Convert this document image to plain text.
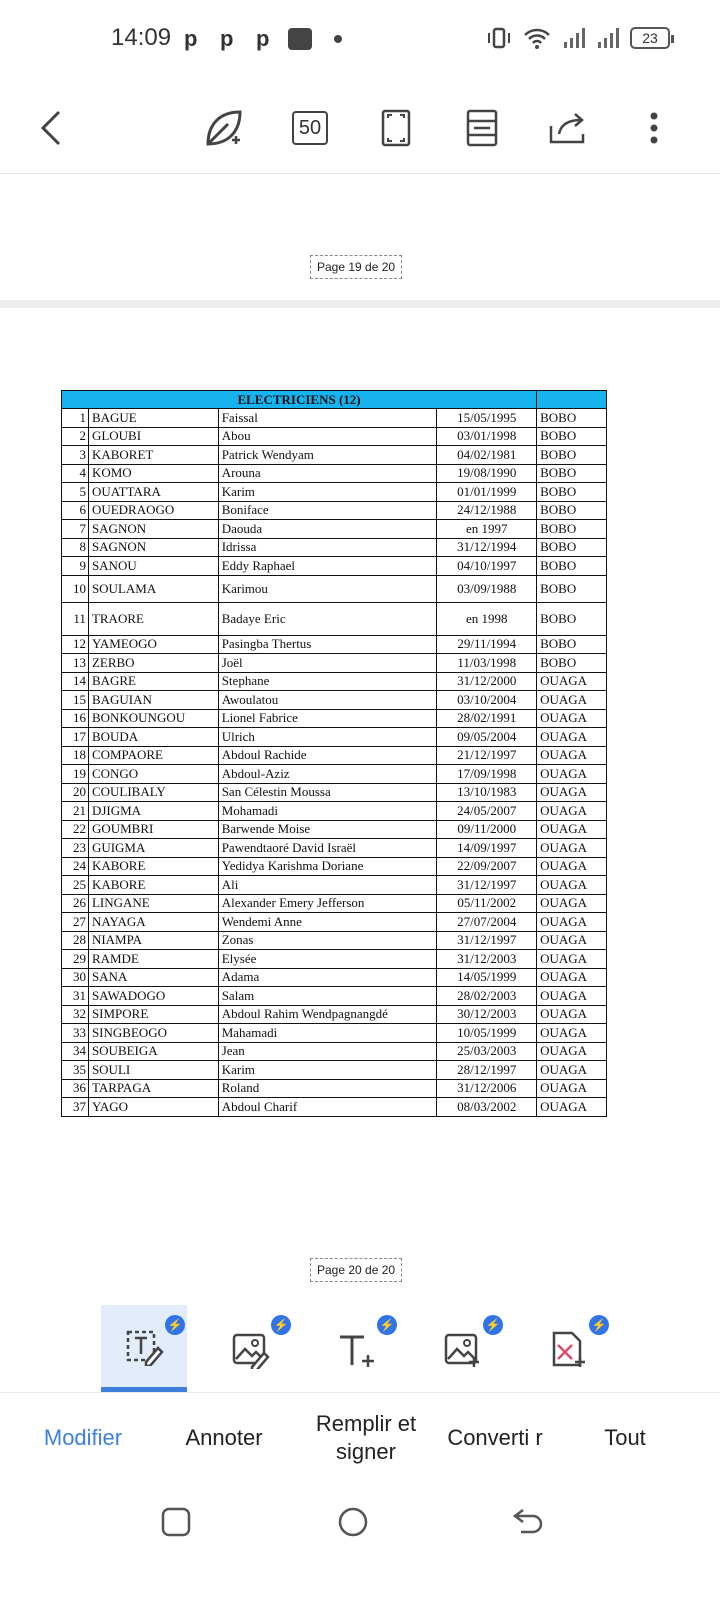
14:09 p p p	23
50
Page 19 de 20
ELECTRICIENS (12)				
1	BAGUE	Faissal	15/05/1995	BOBO
2	GLOUBI	Abou	03/01/1998	BOBO
3	KABORET	Patrick Wendyam	04/02/1981	BOBO
4	KOMO	Arouna	19/08/1990	BOBO
5	OUATTARA	Karim	01/01/1999	BOBO
6	OUEDRAOGO	Boniface	24/12/1988	BOBO
7	SAGNON	Daouda	en 1997	BOBO
8	SAGNON	Idrissa	31/12/1994	BOBO
9	SANOU	Eddy Raphael	04/10/1997	BOBO
10	SOULAMA	Karimou	03/09/1988	BOBO
11	TRAORE	Badaye Eric	en 1998	BOBO
12	YAMEOGO	Pasingba Thertus	29/11/1994	BOBO
13	ZERBO	Joël	11/03/1998	BOBO
14	BAGRE	Stephane	31/12/2000	OUAGA
15	BAGUIAN	Awoulatou	03/10/2004	OUAGA
16	BONKOUNGOU	Lionel Fabrice	28/02/1991	OUAGA
17	BOUDA	Ulrich	09/05/2004	OUAGA
18	COMPAORE	Abdoul Rachide	21/12/1997	OUAGA
19	CONGO	Abdoul-Aziz	17/09/1998	OUAGA
20	COULIBALY	San Célestin Moussa	13/10/1983	OUAGA
21	DJIGMA	Mohamadi	24/05/2007	OUAGA
22	GOUMBRI	Barwende Moise	09/11/2000	OUAGA
23	GUIGMA	Pawendtaoré David Israël	14/09/1997	OUAGA
24	KABORE	Yedidya Karishma Doriane	22/09/2007	OUAGA
25	KABORE	Ali	31/12/1997	OUAGA
26	LINGANE	Alexander Emery Jefferson	05/11/2002	OUAGA
27	NAYAGA	Wendemi Anne	27/07/2004	OUAGA
28	NIAMPA	Zonas	31/12/1997	OUAGA
29	RAMDE	Elysée	31/12/2003	OUAGA
30	SANA	Adama	14/05/1999	OUAGA
31	SAWADOGO	Salam	28/02/2003	OUAGA
32	SIMPORE	Abdoul Rahim Wendpagnangdé	30/12/2003	OUAGA
33	SINGBEOGO	Mahamadi	10/05/1999	OUAGA
34	SOUBEIGA	Jean	25/03/2003	OUAGA
35	SOULI	Karim	28/12/1997	OUAGA
36	TARPAGA	Roland	31/12/2006	OUAGA
37	YAGO	Abdoul Charif	08/03/2002	OUAGA
Page 20 de 20
⚡	⚡	⚡	⚡	⚡
Modifier	Annoter
Remplir et signer
Converti r	Tout
